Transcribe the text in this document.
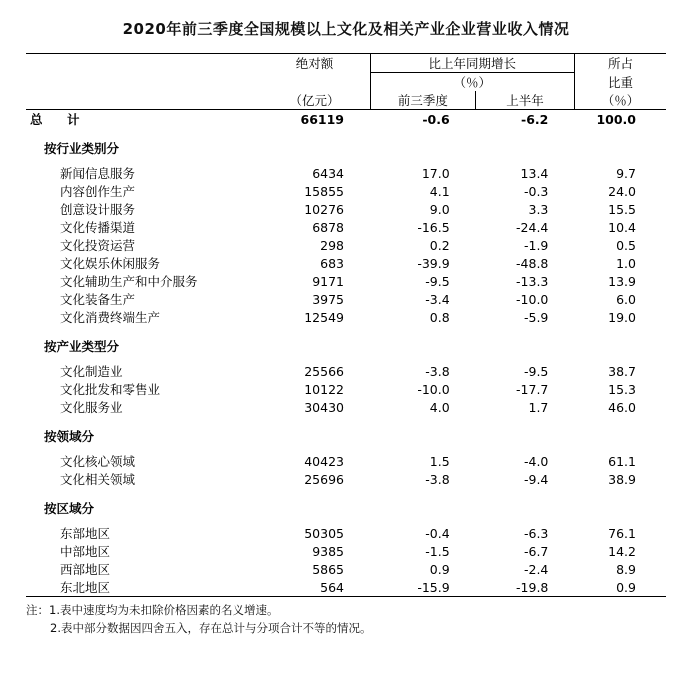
2020年前三季度全国规模以上文化及相关产业企业营业收入情况
	绝对额	比上年同期增长		所占
		（％）		比重
	（亿元）	前三季度	上半年	（％）
总　计	66119	-0.6	-6.2	100.0

按行业类别分				

新闻信息服务	6434	17.0	13.4	9.7
内容创作生产	15855	4.1	-0.3	24.0
创意设计服务	10276	9.0	3.3	15.5
文化传播渠道	6878	-16.5	-24.4	10.4
文化投资运营	298	0.2	-1.9	0.5
文化娱乐休闲服务	683	-39.9	-48.8	1.0
文化辅助生产和中介服务	9171	-9.5	-13.3	13.9
文化装备生产	3975	-3.4	-10.0	6.0
文化消费终端生产	12549	0.8	-5.9	19.0

按产业类型分				

文化制造业	25566	-3.8	-9.5	38.7
文化批发和零售业	10122	-10.0	-17.7	15.3
文化服务业	30430	4.0	1.7	46.0

按领域分				

文化核心领域	40423	1.5	-4.0	61.1
文化相关领域	25696	-3.8	-9.4	38.9

按区域分				

东部地区	50305	-0.4	-6.3	76.1
中部地区	9385	-1.5	-6.7	14.2
西部地区	5865	0.9	-2.4	8.9
东北地区	564	-15.9	-19.8	0.9

注：1.表中速度均为未扣除价格因素的名义增速。
2.表中部分数据因四舍五入，存在总计与分项合计不等的情况。
